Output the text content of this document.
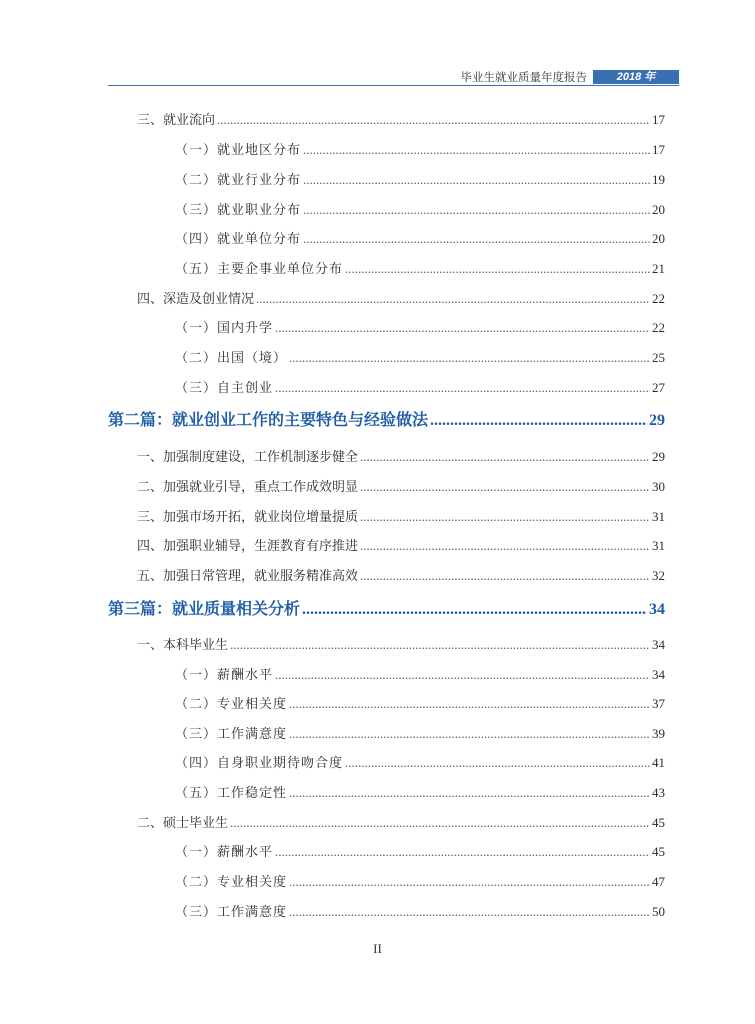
毕业生就业质量年度报告	2018 年
三、就业流向 .....	17
（一）就业地区分布 .....	17
（二）就业行业分布 .....	19
（三）就业职业分布 .....	20
（四）就业单位分布 .....	20
（五）主要企事业单位分布 .....	21
四、深造及创业情况 .....	22
（一）国内升学 .....	22
（二）出国（境） .....	25
（三）自主创业 .....	27
第二篇：就业创业工作的主要特色与经验做法 .....	29
一、加强制度建设，工作机制逐步健全 .....	29
二、加强就业引导，重点工作成效明显 .....	30
三、加强市场开拓，就业岗位增量提质 .....	31
四、加强职业辅导，生涯教育有序推进 .....	31
五、加强日常管理，就业服务精准高效 .....	32
第三篇：就业质量相关分析 .....	34
一、本科毕业生 .....	34
（一）薪酬水平 .....	34
（二）专业相关度 .....	37
（三）工作满意度 .....	39
（四）自身职业期待吻合度 .....	41
（五）工作稳定性 .....	43
二、硕士毕业生 .....	45
（一）薪酬水平 .....	45
（二）专业相关度 .....	47
（三）工作满意度 .....	50
II
